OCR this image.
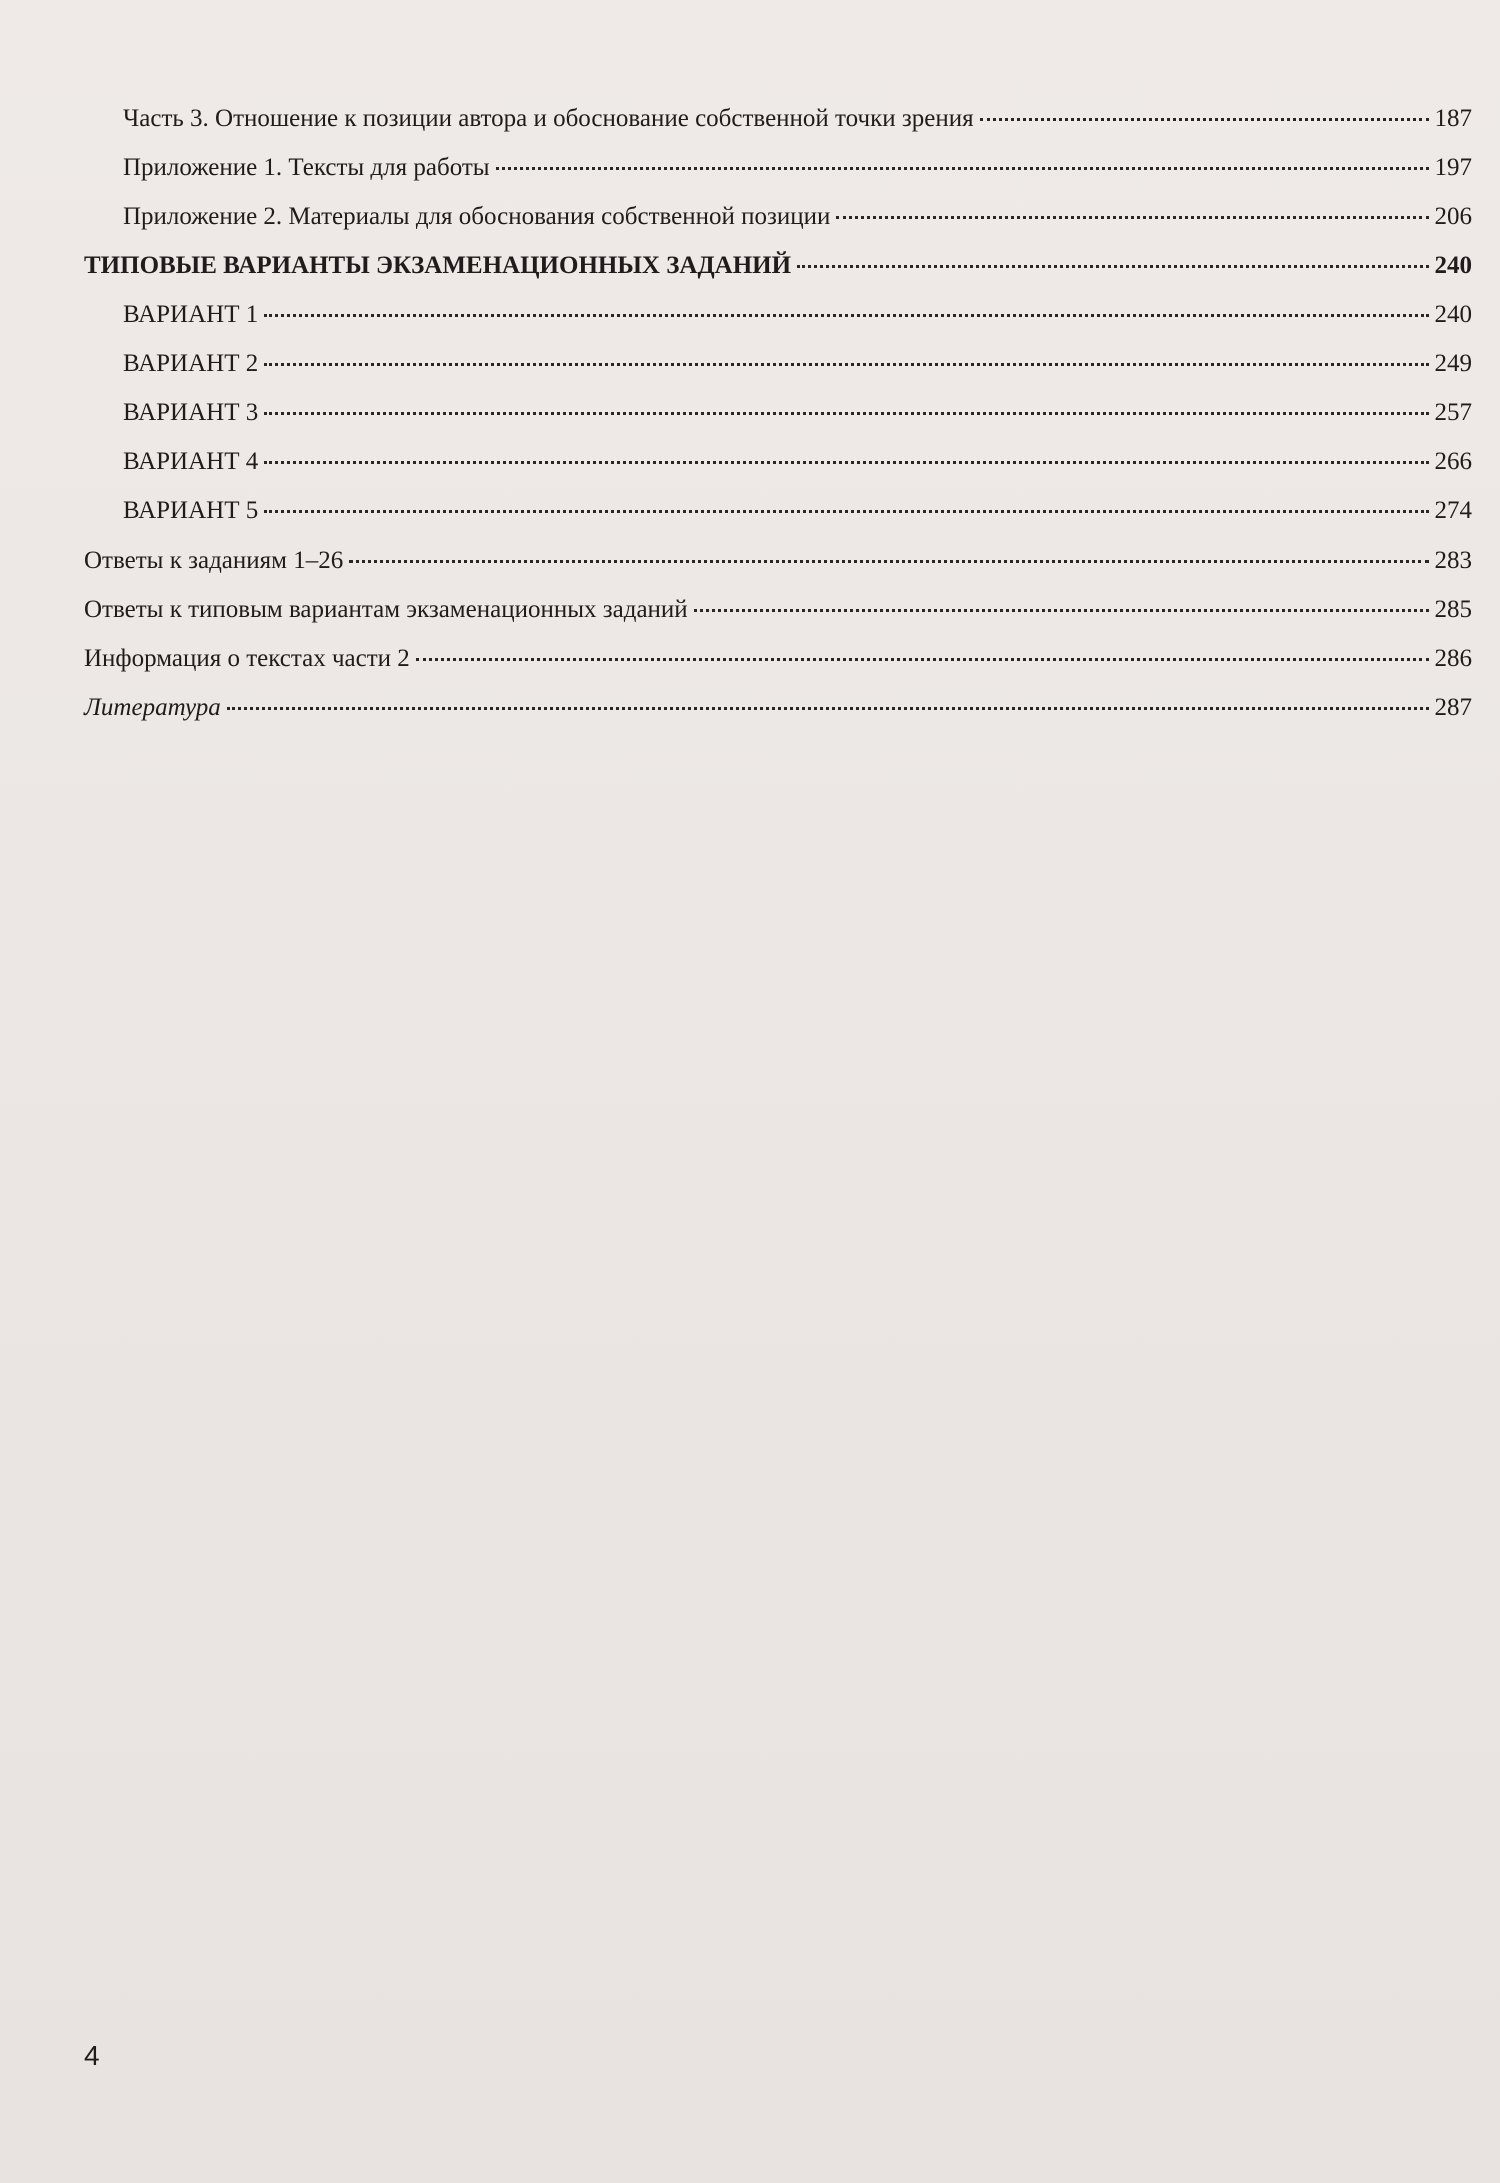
Часть 3. Отношение к позиции автора и обоснование собственной точки зрения	187
Приложение 1. Тексты для работы	197
Приложение 2. Материалы для обоснования собственной позиции	206
ТИПОВЫЕ ВАРИАНТЫ ЭКЗАМЕНАЦИОННЫХ ЗАДАНИЙ	240
ВАРИАНТ 1	240
ВАРИАНТ 2	249
ВАРИАНТ 3	257
ВАРИАНТ 4	266
ВАРИАНТ 5	274
Ответы к заданиям 1–26	283
Ответы к типовым вариантам экзаменационных заданий	285
Информация о текстах части 2	286
Литература	287
4
